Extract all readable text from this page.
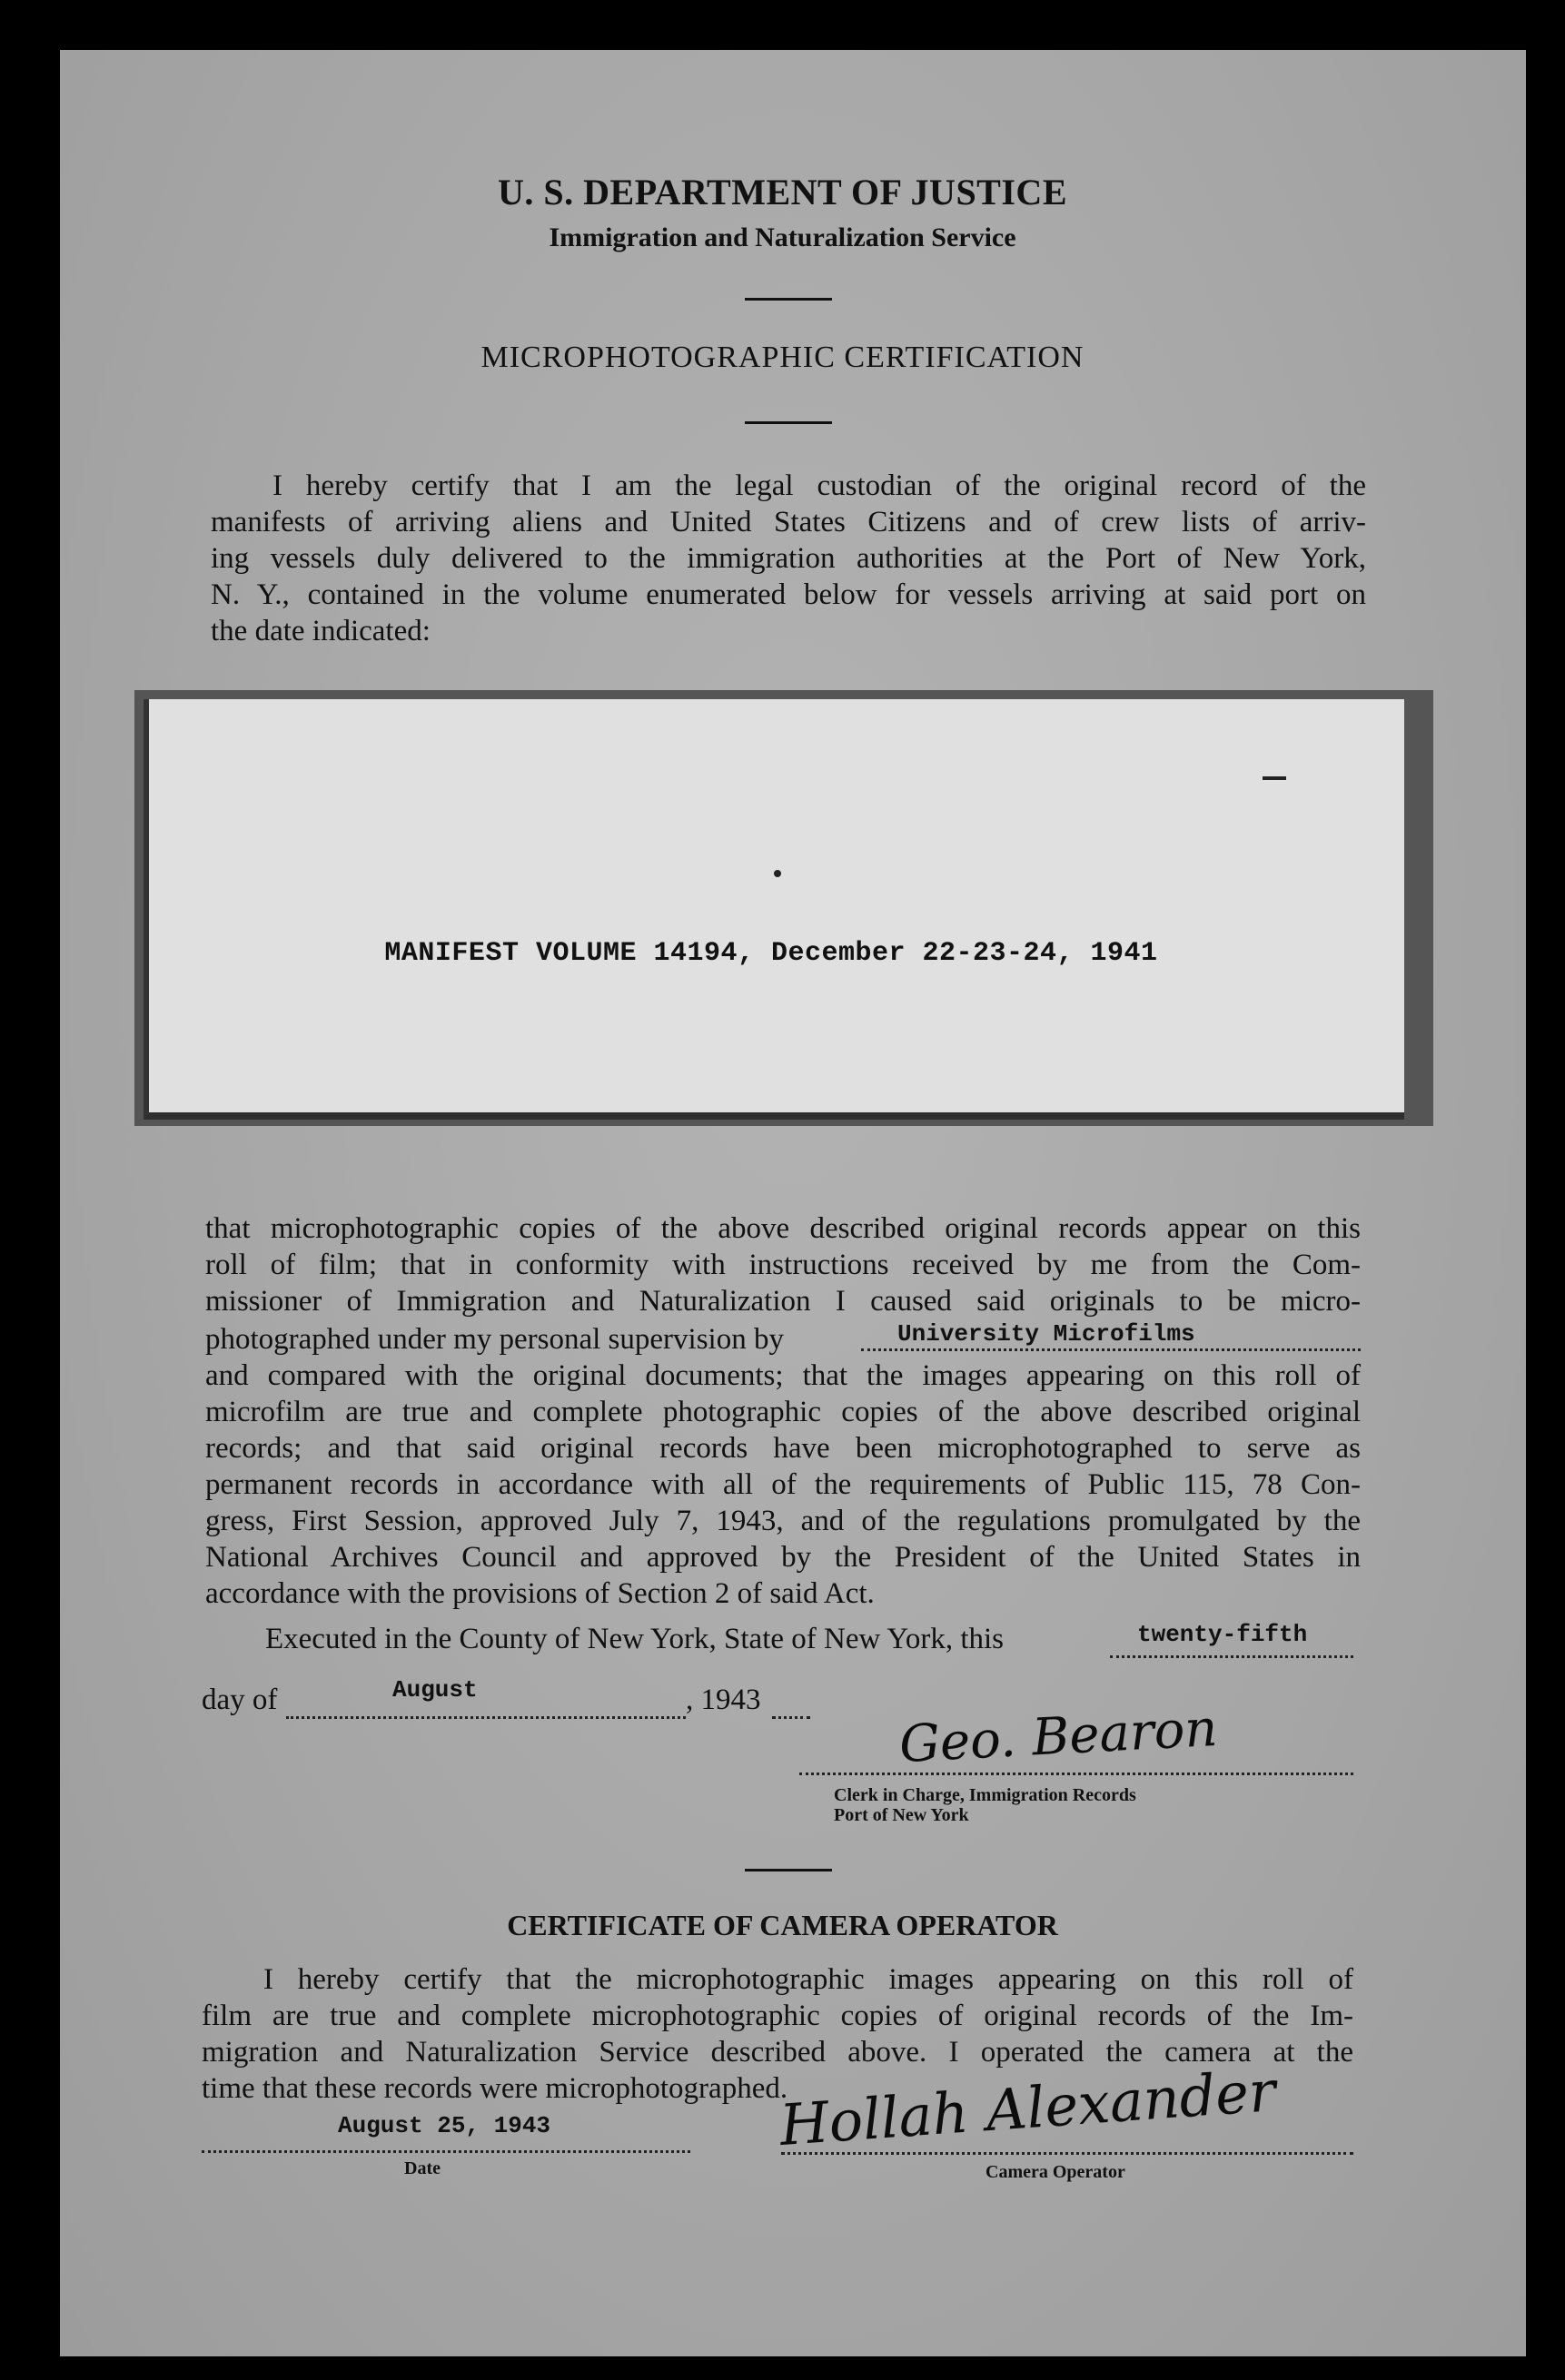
U. S. DEPARTMENT OF JUSTICE
Immigration and Naturalization Service
MICROPHOTOGRAPHIC CERTIFICATION
I hereby certify that I am the legal custodian of the original record of the
manifests of arriving aliens and United States Citizens and of crew lists of arriv-
ing vessels duly delivered to the immigration authorities at the Port of New York,
N. Y., contained in the volume enumerated below for vessels arriving at said port on
the date indicated:
MANIFEST VOLUME 14194, December 22-23-24, 1941
that microphotographic copies of the above described original records appear on this
roll of film; that in conformity with instructions received by me from the Com-
missioner of Immigration and Naturalization I caused said originals to be micro-
photographed under my personal supervision by	University Microfilms
and compared with the original documents; that the images appearing on this roll of
microfilm are true and complete photographic copies of the above described original
records; and that said original records have been microphotographed to serve as
permanent records in accordance with all of the requirements of Public 115, 78 Con-
gress, First Session, approved July 7, 1943, and of the regulations promulgated by the
National Archives Council and approved by the President of the United States in
accordance with the provisions of Section 2 of said Act.
Executed in the County of New York, State of New York, this	twenty-fifth
day of	August	, 1943	Geo. Bearon
Clerk in Charge, Immigration Records
Port of New York
CERTIFICATE OF CAMERA OPERATOR
I hereby certify that the microphotographic images appearing on this roll of
film are true and complete microphotographic copies of original records of the Im-
migration and Naturalization Service described above. I operated the camera at the
time that these records were microphotographed.
August 25, 1943
Date
Hollah Alexander
Camera Operator
